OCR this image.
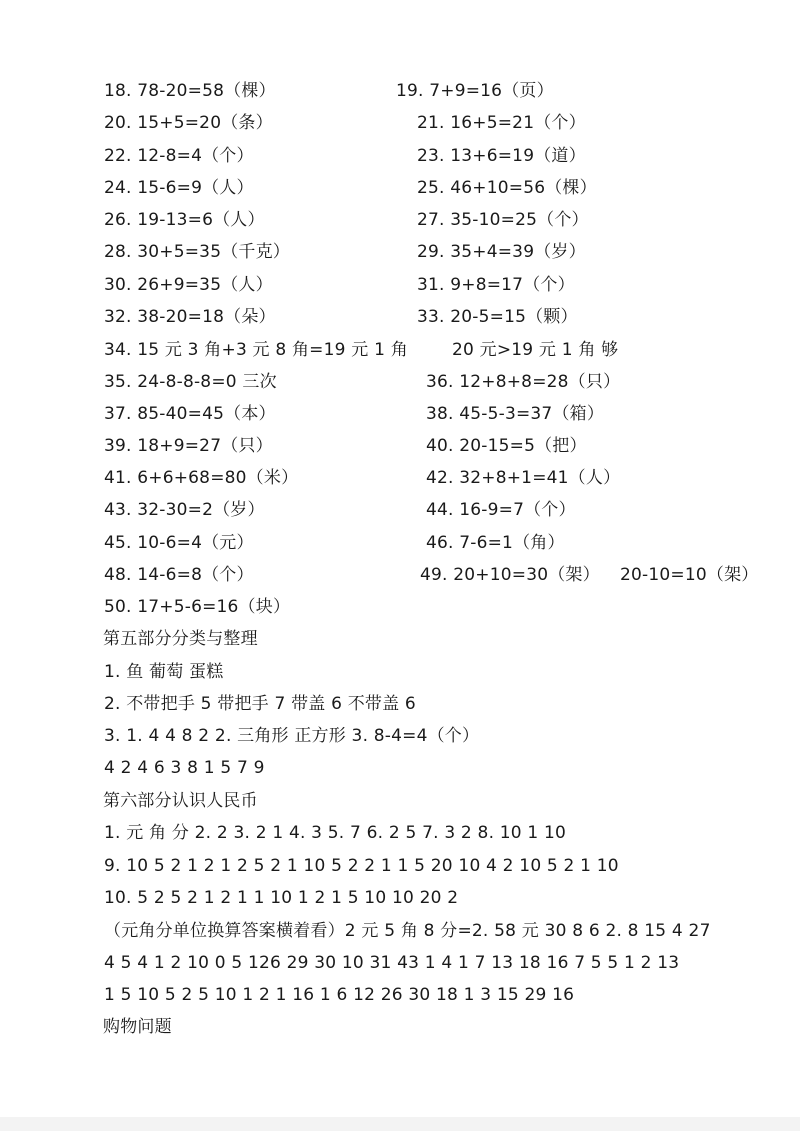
18. 78-20=58（棵）	19. 7+9=16（页）
20. 15+5=20（条）	21. 16+5=21（个）
22. 12-8=4（个）	23. 13+6=19（道）
24. 15-6=9（人）	25. 46+10=56（棵）
26. 19-13=6（人）	27. 35-10=25（个）
28. 30+5=35（千克）	29. 35+4=39（岁）
30. 26+9=35（人）	31. 9+8=17（个）
32. 38-20=18（朵）	33. 20-5=15（颗）
34. 15 元 3 角+3 元 8 角=19 元 1 角	20 元>19 元 1 角 够
35. 24-8-8-8=0 三次	36. 12+8+8=28（只）
37. 85-40=45（本）	38. 45-5-3=37（箱）
39. 18+9=27（只）	40. 20-15=5（把）
41. 6+6+68=80（米）	42. 32+8+1=41（人）
43. 32-30=2（岁）	44. 16-9=7（个）
45. 10-6=4（元）	46. 7-6=1（角）
48. 14-6=8（个）	49. 20+10=30（架） 20-10=10（架）
50. 17+5-6=16（块）
第五部分分类与整理
1. 鱼 葡萄 蛋糕
2. 不带把手 5 带把手 7 带盖 6 不带盖 6
3. 1. 4 4 8 2 2. 三角形 正方形 3. 8-4=4（个）
4 2 4 6 3 8 1 5 7 9
第六部分认识人民币
1. 元 角 分 2. 2 3. 2 1 4. 3 5. 7 6. 2 5 7. 3 2 8. 10 1 10
9. 10 5 2 1 2 1 2 5 2 1 10 5 2 2 1 1 5 20 10 4 2 10 5 2 1 10
10. 5 2 5 2 1 2 1 1 10 1 2 1 5 10 10 20 2
（元角分单位换算答案横着看）2 元 5 角 8 分=2. 58 元 30 8 6 2. 8 15 4 27
4 5 4 1 2 10 0 5 126 29 30 10 31 43 1 4 1 7 13 18 16 7 5 5 1 2 13
1 5 10 5 2 5 10 1 2 1 16 1 6 12 26 30 18 1 3 15 29 16
购物问题
